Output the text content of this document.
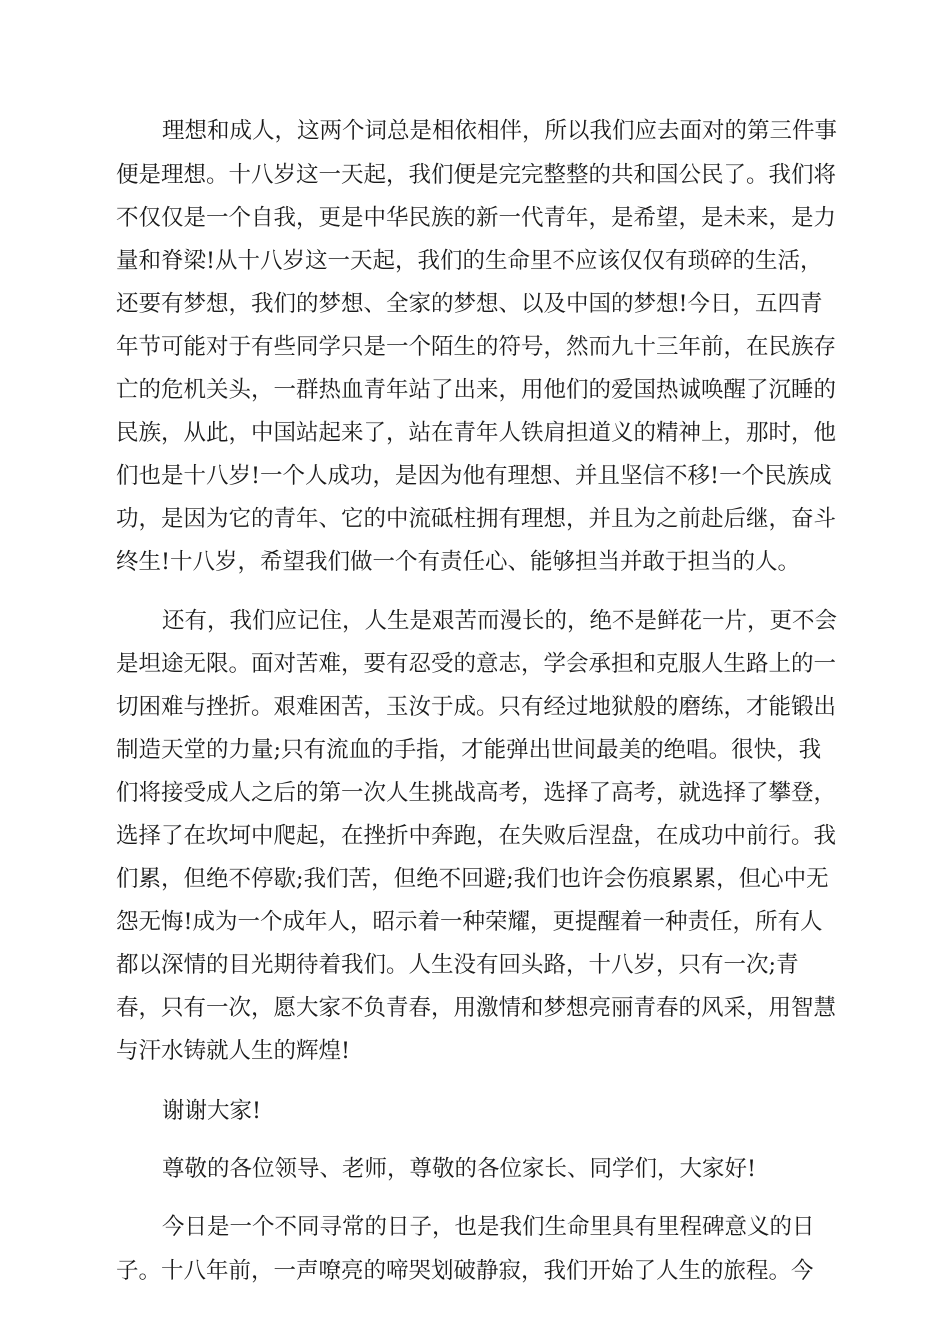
理想和成人，这两个词总是相依相伴，所以我们应去面对的第三件事

便是理想。十八岁这一天起，我们便是完完整整的共和国公民了。我们将

不仅仅是一个自我，更是中华民族的新一代青年，是希望，是未来，是力

量和脊梁!从十八岁这一天起，我们的生命里不应该仅仅有琐碎的生活，

还要有梦想，我们的梦想、全家的梦想、以及中国的梦想!今日，五四青

年节可能对于有些同学只是一个陌生的符号，然而九十三年前，在民族存

亡的危机关头，一群热血青年站了出来，用他们的爱国热诚唤醒了沉睡的

民族，从此，中国站起来了，站在青年人铁肩担道义的精神上，那时，他

们也是十八岁!一个人成功，是因为他有理想、并且坚信不移!一个民族成

功，是因为它的青年、它的中流砥柱拥有理想，并且为之前赴后继，奋斗

终生!十八岁，希望我们做一个有责任心、能够担当并敢于担当的人。

还有，我们应记住，人生是艰苦而漫长的，绝不是鲜花一片，更不会

是坦途无限。面对苦难，要有忍受的意志，学会承担和克服人生路上的一

切困难与挫折。艰难困苦，玉汝于成。只有经过地狱般的磨练，才能锻出

制造天堂的力量;只有流血的手指，才能弹出世间最美的绝唱。很快，我

们将接受成人之后的第一次人生挑战高考，选择了高考，就选择了攀登，

选择了在坎坷中爬起，在挫折中奔跑，在失败后涅盘，在成功中前行。我

们累，但绝不停歇;我们苦，但绝不回避;我们也许会伤痕累累，但心中无

怨无悔!成为一个成年人，昭示着一种荣耀，更提醒着一种责任，所有人

都以深情的目光期待着我们。人生没有回头路，十八岁，只有一次;青

春，只有一次，愿大家不负青春，用激情和梦想亮丽青春的风采，用智慧

与汗水铸就人生的辉煌!

谢谢大家!

尊敬的各位领导、老师，尊敬的各位家长、同学们，大家好!

今日是一个不同寻常的日子，也是我们生命里具有里程碑意义的日

子。十八年前，一声嘹亮的啼哭划破静寂，我们开始了人生的旅程。今
